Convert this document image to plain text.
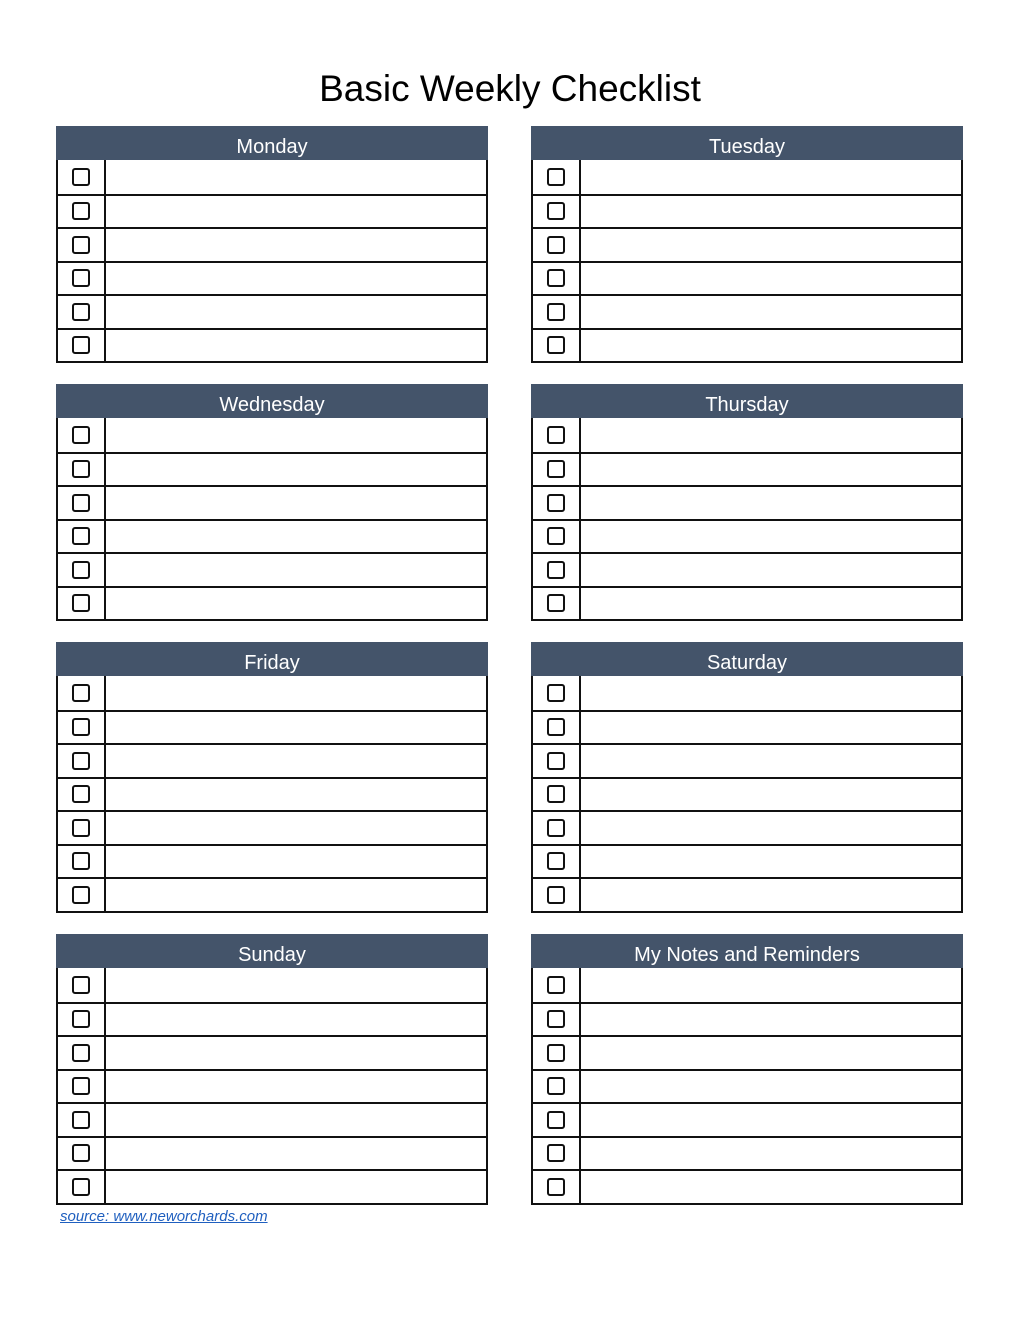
Basic Weekly Checklist
Monday	Tuesday
Wednesday	Thursday
Friday	Saturday
Sunday	My Notes and Reminders
source: www.neworchards.com
